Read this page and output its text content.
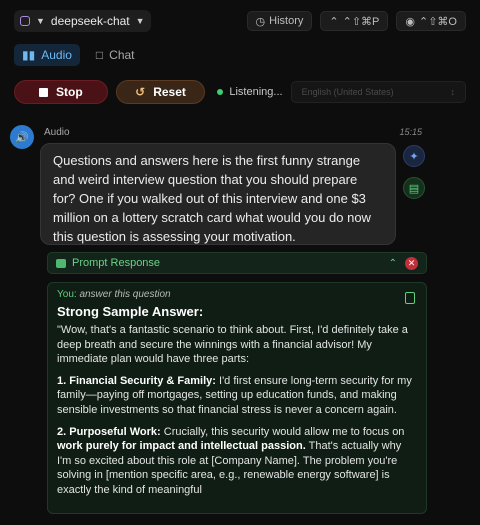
▼ deepseek-chat ▼	◷ History ⌃ ⌃⇧⌘P ◉ ⌃⇧⌘O
▮▮ Audio □ Chat
Stop	↺ Reset	Listening... English (United States)	↕
🔊	Audio	15:15
Questions and answers here is the first funny strange and weird interview question that you should prepare for? One if you walked out of this interview and one $3 million on a lottery scratch card what would you do now this question is assessing your motivation.
✦
▤
Prompt Response	⌃	✕
You: answer this question
Strong Sample Answer:

"Wow, that's a fantastic scenario to think about. First, I'd definitely take a deep breath and secure the winnings with a financial advisor! My immediate plan would have three parts:

1. Financial Security & Family: I'd first ensure long-term security for my family—paying off mortgages, setting up education funds, and making sensible investments so that financial stress is never a concern again.

2. Purposeful Work: Crucially, this security would allow me to focus on work purely for impact and intellectual passion. That's actually why I'm so excited about this role at [Company Name]. The problem you're solving in [mention specific area, e.g., renewable energy software] is exactly the kind of meaningful
